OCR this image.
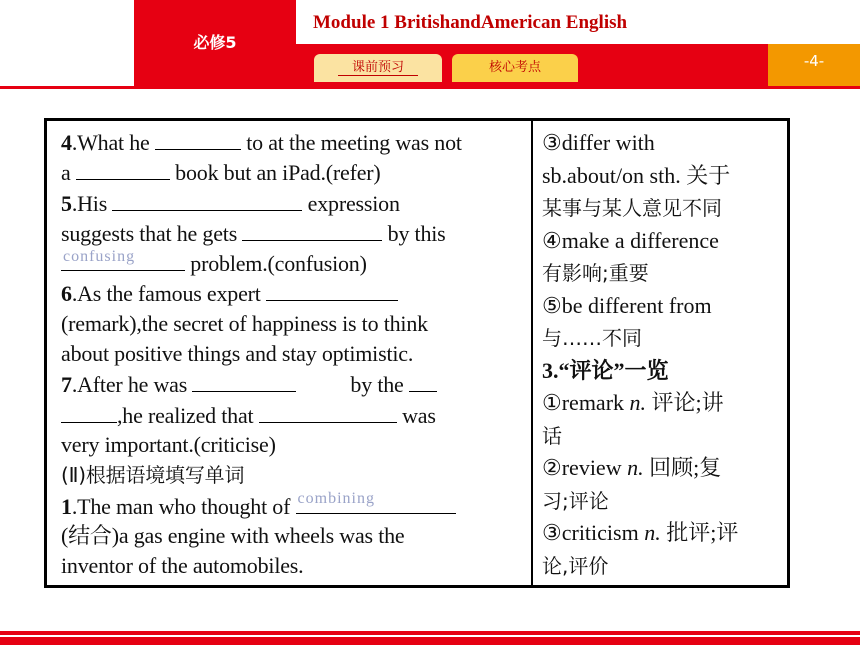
必修5
Module 1 BritishandAmerican English
-4-
课前预习	核心考点
4.What he	to at the meeting was not
a	book but an iPad.(refer)
5.His	expression
suggests that he gets	by this
confusing problem.(confusion)
6.As the famous expert
(remark),the secret of happiness is to think
about positive things and stay optimistic.
7.After he was	by the
,he realized that	was
very important.(criticise)
(Ⅱ)根据语境填写单词
1.The man who thought of combining
(结合)a gas engine with wheels was the
inventor of the automobiles.
③differ with
sb.about/on sth. 关于
某事与某人意见不同
④make a difference
有影响;重要
⑤be different from
与……不同
3.“评论”一览
①remark n. 评论;讲
话
②review n. 回顾;复
习;评论
③criticism n. 批评;评
论,评价
